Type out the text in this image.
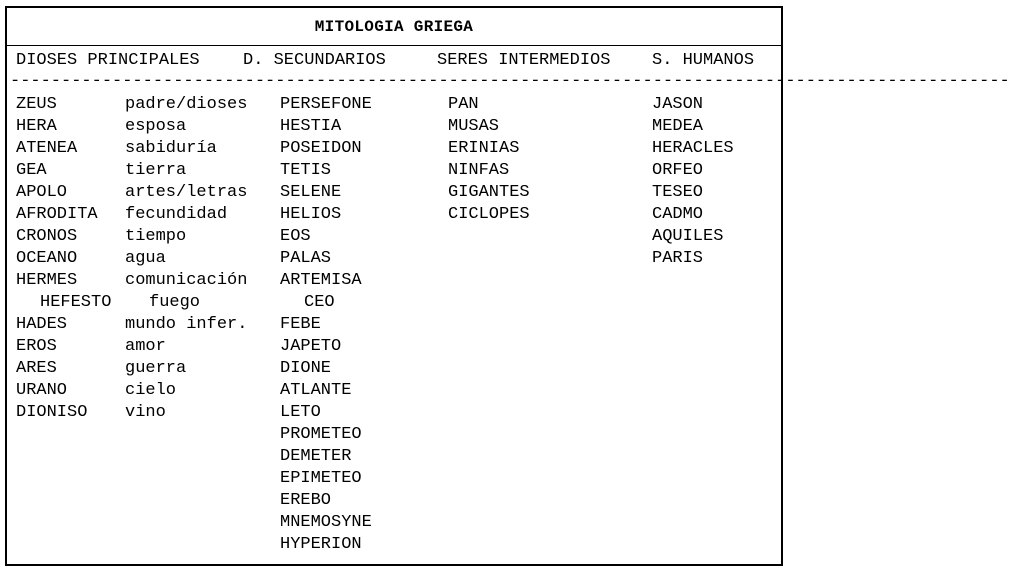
MITOLOGIA GRIEGA
DIOSES PRINCIPALES	D. SECUNDARIOS	SERES INTERMEDIOS S. HUMANOS
--------------------------------------------------------------------------------------------------
ZEUS
HERA
ATENEA
GEA
APOLO
AFRODITA
CRONOS
OCEANO
HERMES
HEFESTO
HADES
EROS
ARES
URANO
DIONISO
padre/dioses
esposa
sabiduría
tierra
artes/letras
fecundidad
tiempo
agua
comunicación
fuego
mundo infer.
amor
guerra
cielo
vino
PERSEFONE
HESTIA
POSEIDON
TETIS
SELENE
HELIOS
EOS
PALAS
ARTEMISA
CEO
FEBE
JAPETO
DIONE
ATLANTE
LETO
PROMETEO
DEMETER
EPIMETEO
EREBO
MNEMOSYNE
HYPERION
PAN
MUSAS
ERINIAS
NINFAS
GIGANTES
CICLOPES
JASON
MEDEA
HERACLES
ORFEO
TESEO
CADMO
AQUILES
PARIS
